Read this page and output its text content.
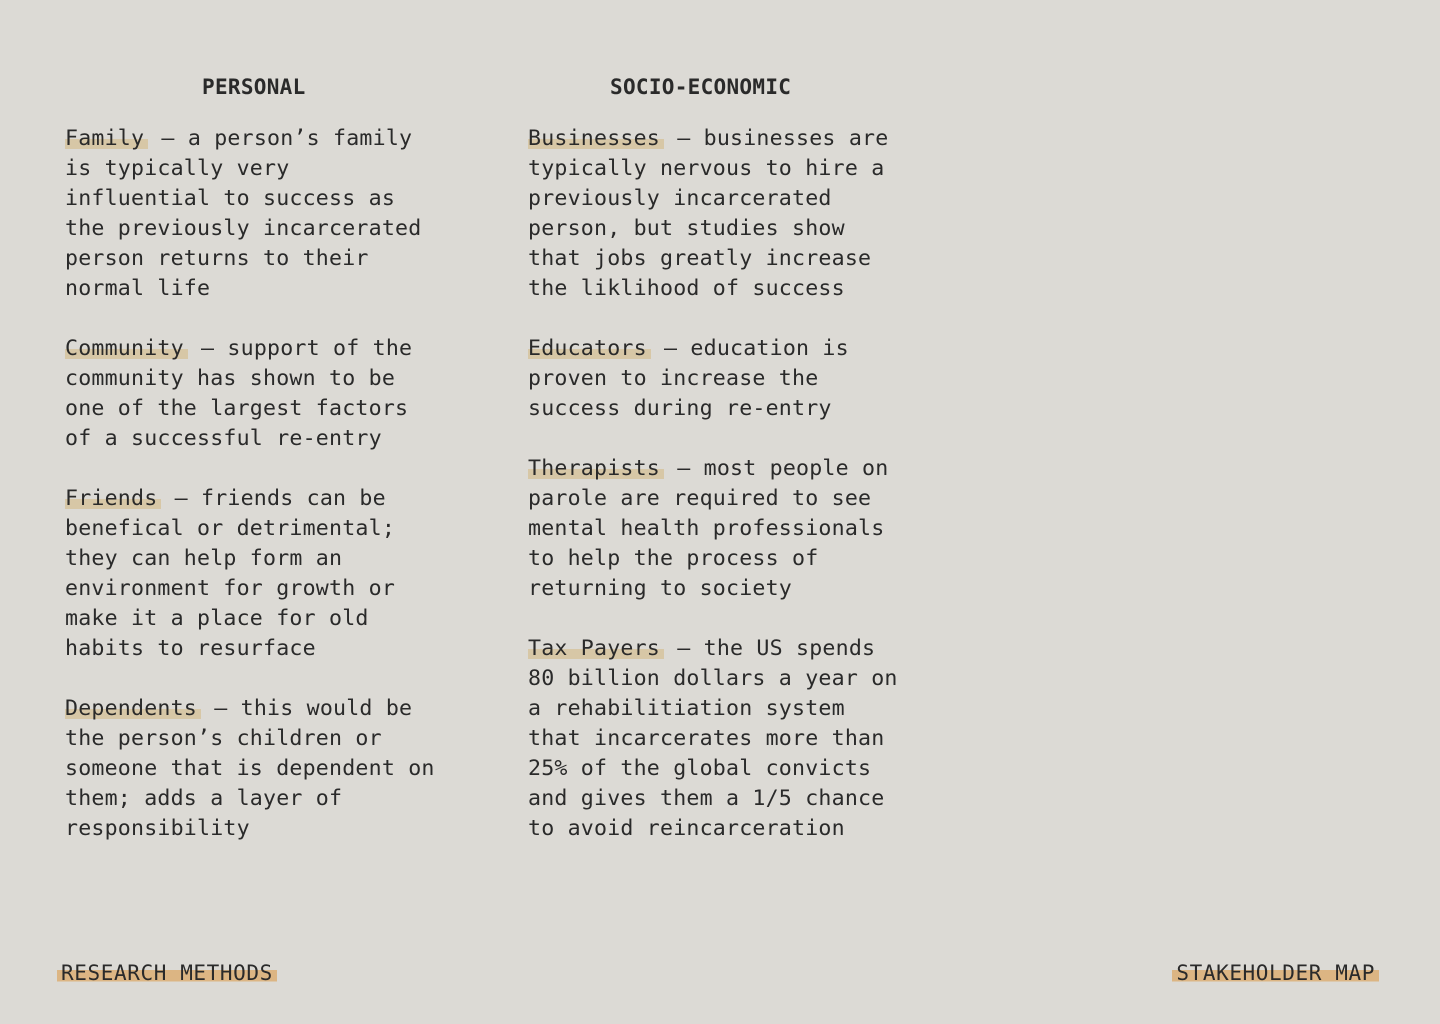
PERSONAL
Family – a person’s family
is typically very
influential to success as
the previously incarcerated
person returns to their
normal life
Community – support of the
community has shown to be
one of the largest factors
of a successful re-entry
Friends – friends can be
benefical or detrimental;
they can help form an
environment for growth or
make it a place for old
habits to resurface
Dependents – this would be
the person’s children or
someone that is dependent on
them; adds a layer of
responsibility
SOCIO-ECONOMIC
Businesses – businesses are
typically nervous to hire a
previously incarcerated
person, but studies show
that jobs greatly increase
the liklihood of success
Educators – education is
proven to increase the
success during re-entry
Therapists – most people on
parole are required to see
mental health professionals
to help the process of
returning to society
Tax Payers – the US spends
80 billion dollars a year on
a rehabilitiation system
that incarcerates more than
25% of the global convicts
and gives them a 1/5 chance
to avoid reincarceration
RESEARCH METHODS	STAKEHOLDER MAP
